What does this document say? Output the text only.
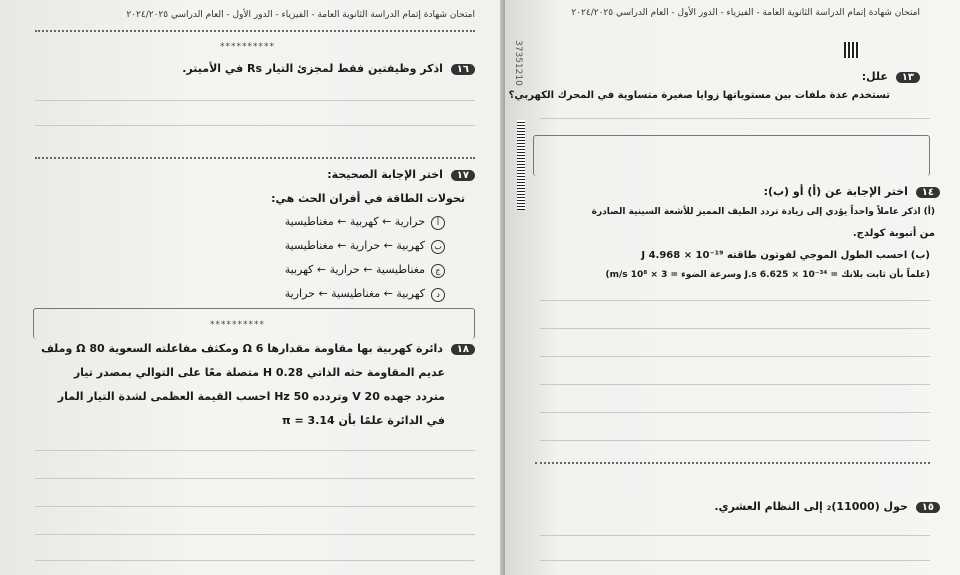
امتحان شهادة إتمام الدراسة الثانوية العامة - الفيزياء - الدور الأول - العام الدراسي ٢٠٢٤/٢٠٢٥
**********
١٦ اذكر وظيفتين فقط لمجزئ التيار Rs في الأميتر.
١٧ اختر الإجابة الصحيحة:
تحولات الطاقة في أفران الحث هي:
أحرارية ← كهربية ← مغناطيسية
بكهربية ← حرارية ← مغناطيسية
جمغناطيسية ← حرارية ← كهربية
دكهربية ← مغناطيسية ← حرارية
**********
١٨ دائرة كهربية بها مقاومة مقدارها Ω 6 ومكثف مفاعلته السعوية Ω 80 وملف
عديم المقاومة حثه الذاتي H 0.28 متصلة معًا على التوالي بمصدر تيار
متردد جهده V 20 وتردده Hz 50 احسب القيمة العظمى لشدة التيار المار
في الدائرة علمًا بأن π = 3.14
امتحان شهادة إتمام الدراسة الثانوية العامة - الفيزياء - الدور الأول - العام الدراسي ٢٠٢٤/٢٠٢٥
37351210	١٣ علل:
تستخدم عدة ملفات بين مستوياتها زوايا صغيرة متساوية في المحرك الكهربي؟
١٤ اختر الإجابة عن (أ) أو (ب):
(أ) اذكر عاملاً واحداً يؤدي إلى زيادة تردد الطيف المميز للأشعة السينية الصادرة
من أنبوبة كولدج.
(ب) احسب الطول الموجي لفوتون طاقته J 4.968 × 10⁻¹⁹
(علماً بأن ثابت بلانك = J.s 6.625 × 10⁻³⁴ وسرعة الضوء = 3 × 10⁸ m/s)
١٥ حول (11000)₂ إلى النظام العشري.
